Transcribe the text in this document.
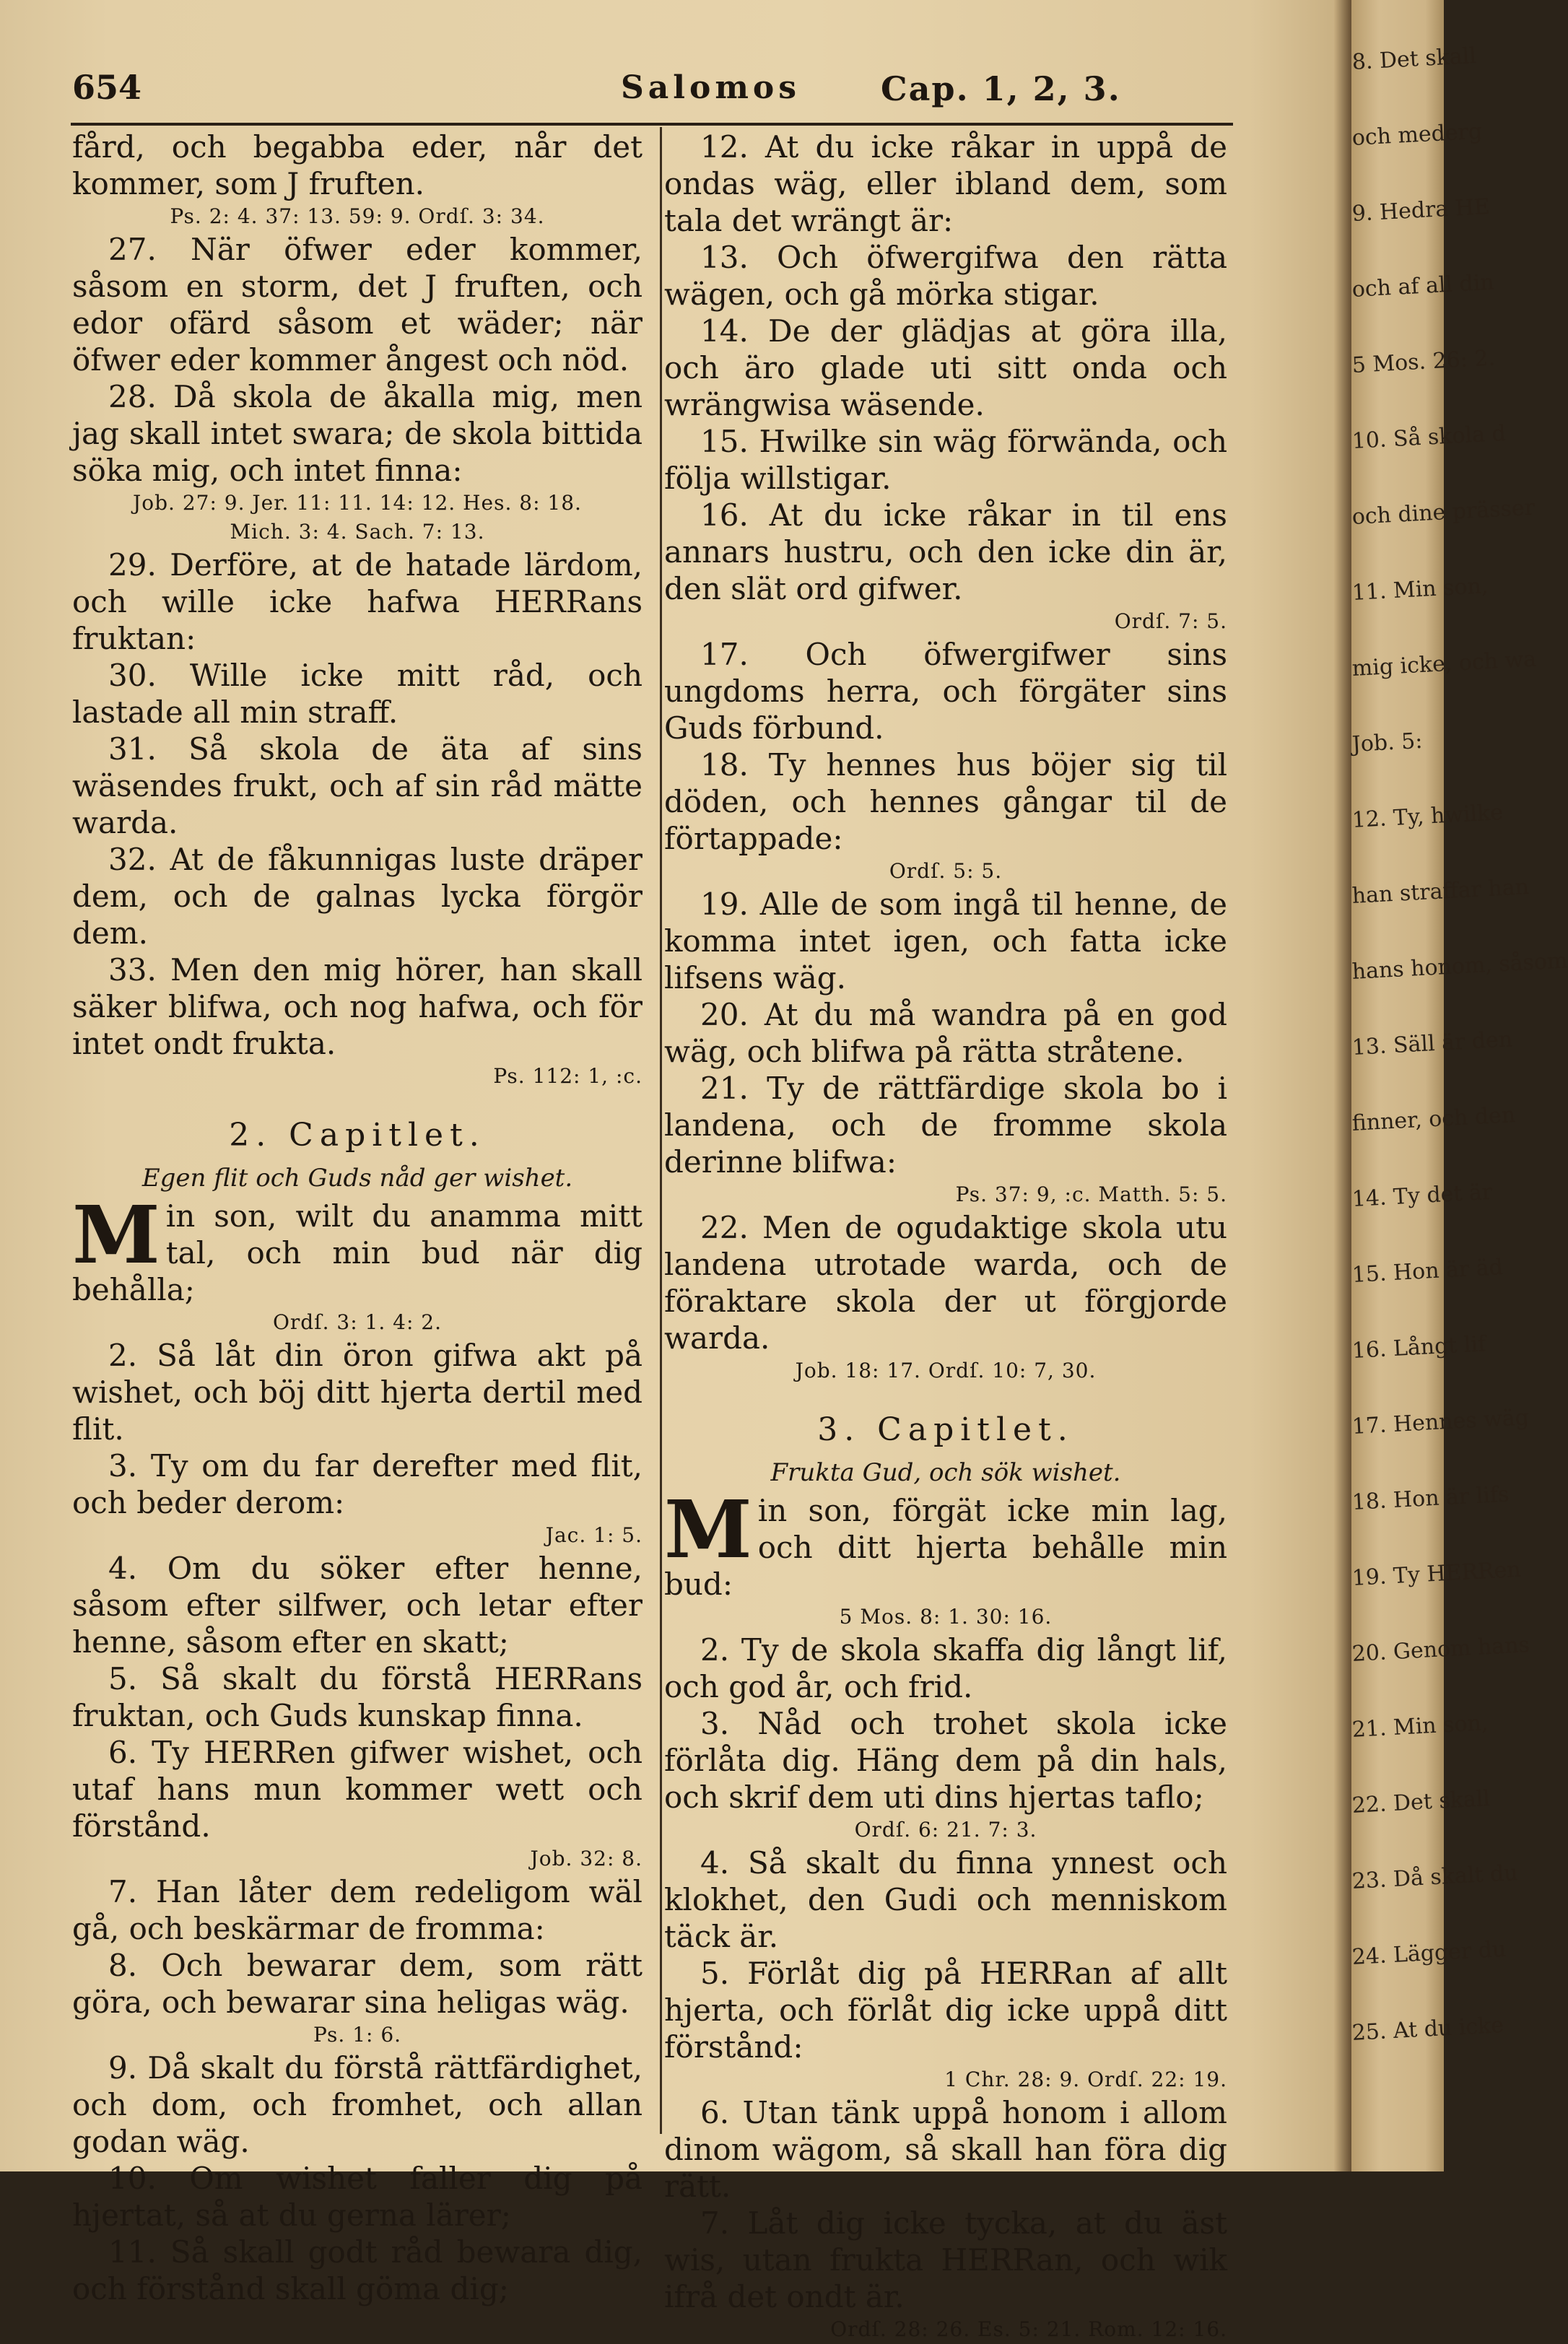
654	Salomos Cap. 1, 2, 3.

fård, och begabba eder, når det kommer, som J fruften.

Ps. 2: 4. 37: 13. 59: 9. Ordſ. 3: 34.

27. När öfwer eder kommer, såsom en storm, det J fruften, och edor ofärd såsom et wäder; när öfwer eder kommer ångest och nöd.

28. Då skola de åkalla mig, men jag skall intet swara; de skola bittida söka mig, och intet finna:

Job. 27: 9. Jer. 11: 11. 14: 12. Hes. 8: 18.

Mich. 3: 4. Sach. 7: 13.

29. Derföre, at de hatade lärdom, och wille icke hafwa HERRans fruktan:

30. Wille icke mitt råd, och lastade all min straff.

31. Så skola de äta af sins wäsendes frukt, och af sin råd mätte warda.

32. At de fåkunnigas luste dräper dem, och de galnas lycka förgör dem.

33. Men den mig hörer, han skall säker blifwa, och nog hafwa, och för intet ondt frukta.

Ps. 112: 1, :c.

2. Capitlet.

Egen flit och Guds nåd ger wishet.

Min son, wilt du anamma mitt tal, och min bud när dig behålla;

Ordſ. 3: 1. 4: 2.

2. Så låt din öron gifwa akt på wishet, och böj ditt hjerta dertil med flit.

3. Ty om du far derefter med flit, och beder derom:

Jac. 1: 5.

4. Om du söker efter henne, såsom efter silfwer, och letar efter henne, såsom efter en skatt;

5. Så skalt du förstå HERRans fruktan, och Guds kunskap finna.

6. Ty HERRen gifwer wishet, och utaf hans mun kommer wett och förstånd.

Job. 32: 8.

7. Han låter dem redeligom wäl gå, och beskärmar de fromma:

8. Och bewarar dem, som rätt göra, och bewarar sina heligas wäg.

Ps. 1: 6.

9. Då skalt du förstå rättfärdighet, och dom, och fromhet, och allan godan wäg.

10. Om wishet faller dig på hjertat, så at du gerna lärer;

11. Så skall godt råd bewara dig, och förstånd skall göma dig;

12. At du icke råkar in uppå de ondas wäg, eller ibland dem, som tala det wrängt är:

13. Och öfwergifwa den rätta wägen, och gå mörka stigar.

14. De der glädjas at göra illa, och äro glade uti sitt onda och wrängwisa wäsende.

15. Hwilke sin wäg förwända, och följa willstigar.

16. At du icke råkar in til ens annars hustru, och den icke din är, den slät ord gifwer.

Ordſ. 7: 5.

17. Och öfwergifwer sins ungdoms herra, och förgäter sins Guds förbund.

18. Ty hennes hus böjer sig til döden, och hennes gångar til de förtappade:

Ordſ. 5: 5.

19. Alle de som ingå til henne, de komma intet igen, och fatta icke lifsens wäg.

20. At du må wandra på en god wäg, och blifwa på rätta stråtene.

21. Ty de rättfärdige skola bo i landena, och de fromme skola derinne blifwa:

Ps. 37: 9, :c. Matth. 5: 5.

22. Men de ogudaktige skola utu landena utrotade warda, och de föraktare skola der ut förgjorde warda.

Job. 18: 17. Ordſ. 10: 7, 30.

3. Capitlet.

Frukta Gud, och sök wishet.

Min son, förgät icke min lag, och ditt hjerta behålle min bud:

5 Mos. 8: 1. 30: 16.

2. Ty de skola skaffa dig långt lif, och god år, och frid.

3. Nåd och trohet skola icke förlåta dig. Häng dem på din hals, och skrif dem uti dins hjertas taflo;

Ordſ. 6: 21. 7: 3.

4. Så skalt du finna ynnest och klokhet, den Gudi och menniskom täck är.

5. Förlåt dig på HERRan af allt hjerta, och förlåt dig icke uppå ditt förstånd:

1 Chr. 28: 9. Ordſ. 22: 19.

6. Utan tänk uppå honom i allom dinom wägom, så skall han föra dig rätt.

7. Låt dig icke tycka, at du äst wis, utan frukta HERRan, och wik ifrå det ondt är.

Ordſ. 28: 26. Es. 5: 21. Rom. 12: 16.

8. Det skall
och mederg
9. Hedra HE
och af all din
5 Mos. 26: 2.
10. Så skola d
och dine prässer
11. Min son,
mig icke, och wa
Job. 5:
12. Ty, hwilke
han straffar han
hans honom, såsom
13. Säll är den
finner, och den
14. Ty det är
15. Hon är äd
16. Långt lif
17. Hennes wäg
18. Hon är lifs
19. Ty HERRen
20. Genom hans
21. Min son,
22. Det skall
23. Då skalt du
24. Lägger du
25. At du icke
